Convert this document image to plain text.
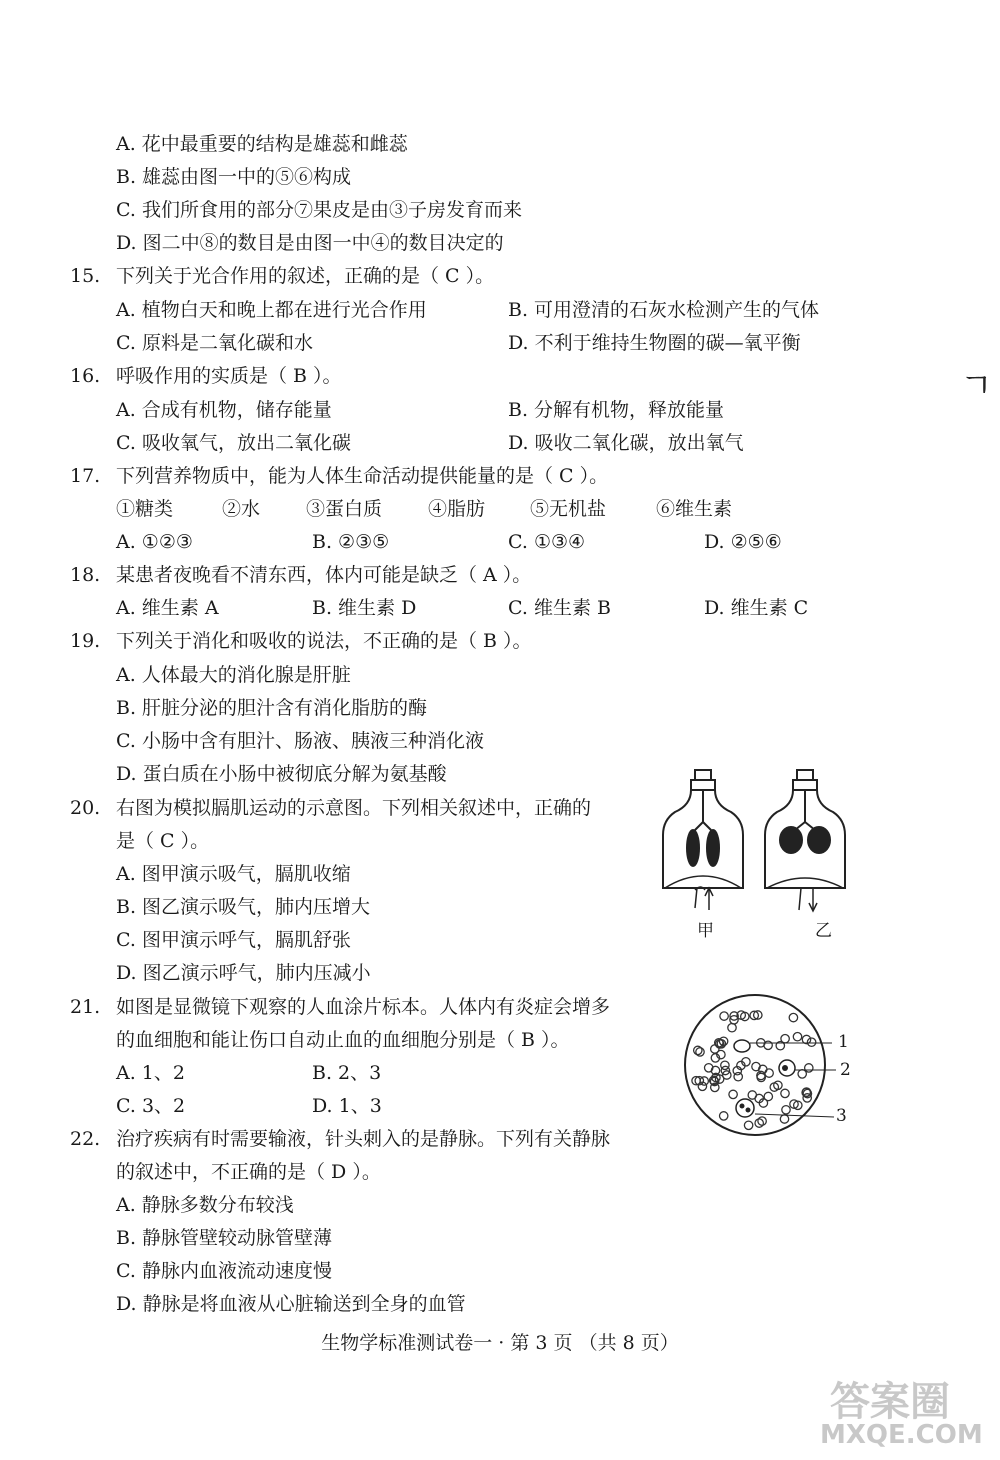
A. 花中最重要的结构是雄蕊和雌蕊
B. 雄蕊由图一中的⑤⑥构成
C. 我们所食用的部分⑦果皮是由③子房发育而来
D. 图二中⑧的数目是由图一中④的数目决定的
15. 下列关于光合作用的叙述，正确的是（ C ）。
A. 植物白天和晚上都在进行光合作用	B. 可用澄清的石灰水检测产生的气体
C. 原料是二氧化碳和水	D. 不利于维持生物圈的碳—氧平衡
ㄱ
16. 呼吸作用的实质是（ B ）。
A. 合成有机物，储存能量	B. 分解有机物，释放能量
C. 吸收氧气，放出二氧化碳	D. 吸收二氧化碳，放出氧气
17. 下列营养物质中，能为人体生命活动提供能量的是（ C ）。
①糖类	②水 ③蛋白质 ④脂肪 ⑤无机盐	⑥维生素
A. ①②③	B. ②③⑤	C. ①③④	D. ②⑤⑥
18. 某患者夜晚看不清东西，体内可能是缺乏（ A ）。
A. 维生素 A	B. 维生素 D	C. 维生素 B	D. 维生素 C
19. 下列关于消化和吸收的说法，不正确的是（ B ）。
A. 人体最大的消化腺是肝脏
B. 肝脏分泌的胆汁含有消化脂肪的酶
C. 小肠中含有胆汁、肠液、胰液三种消化液
D. 蛋白质在小肠中被彻底分解为氨基酸
20. 右图为模拟膈肌运动的示意图。下列相关叙述中，正确的
是（ C ）。
A. 图甲演示吸气，膈肌收缩
B. 图乙演示吸气，肺内压增大
C. 图甲演示呼气，膈肌舒张
D. 图乙演示呼气，肺内压减小
甲	乙
21. 如图是显微镜下观察的人血涂片标本。人体内有炎症会增多
的血细胞和能让伤口自动止血的血细胞分别是（ B ）。
A. 1、2	B. 2、3
C. 3、2	D. 1、3
1
2
3
22. 治疗疾病有时需要输液，针头刺入的是静脉。下列有关静脉
的叙述中，不正确的是（ D ）。
A. 静脉多数分布较浅
B. 静脉管壁较动脉管壁薄
C. 静脉内血液流动速度慢
D. 静脉是将血液从心脏输送到全身的血管
生物学标准测试卷一 · 第 3 页 （共 8 页）
答案圈
MXQE.COM
